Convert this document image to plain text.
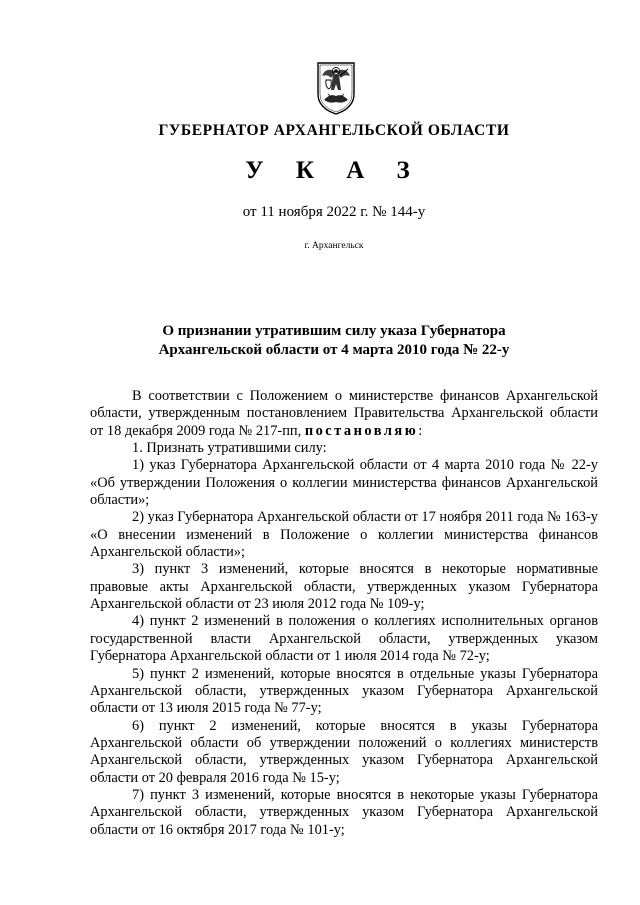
ГУБЕРНАТОР АРХАНГЕЛЬСКОЙ ОБЛАСТИ
У К А З
от 11 ноября 2022 г. № 144-у
г. Архангельск
О признании утратившим силу указа Губернатора
Архангельской области от 4 марта 2010 года № 22-у

В соответствии с Положением о министерстве финансов Архангельской области, утвержденным постановлением Правительства Архангельской области от 18 декабря 2009 года № 217-пп, постановляю:

1. Признать утратившими силу:

1) указ Губернатора Архангельской области от 4 марта 2010 года № 22-у «Об утверждении Положения о коллегии министерства финансов Архангельской области»;

2) указ Губернатора Архангельской области от 17 ноября 2011 года № 163-у «О внесении изменений в Положение о коллегии министерства финансов Архангельской области»;

3) пункт 3 изменений, которые вносятся в некоторые нормативные правовые акты Архангельской области, утвержденных указом Губернатора Архангельской области от 23 июля 2012 года № 109-у;

4) пункт 2 изменений в положения о коллегиях исполнительных органов государственной власти Архангельской области, утвержденных указом Губернатора Архангельской области от 1 июля 2014 года № 72-у;

5) пункт 2 изменений, которые вносятся в отдельные указы Губернатора Архангельской области, утвержденных указом Губернатора Архангельской области от 13 июля 2015 года № 77-у;

6) пункт 2 изменений, которые вносятся в указы Губернатора Архангельской области об утверждении положений о коллегиях министерств Архангельской области, утвержденных указом Губернатора Архангельской области от 20 февраля 2016 года № 15-у;

7) пункт 3 изменений, которые вносятся в некоторые указы Губернатора Архангельской области, утвержденных указом Губернатора Архангельской области от 16 октября 2017 года № 101-у;
